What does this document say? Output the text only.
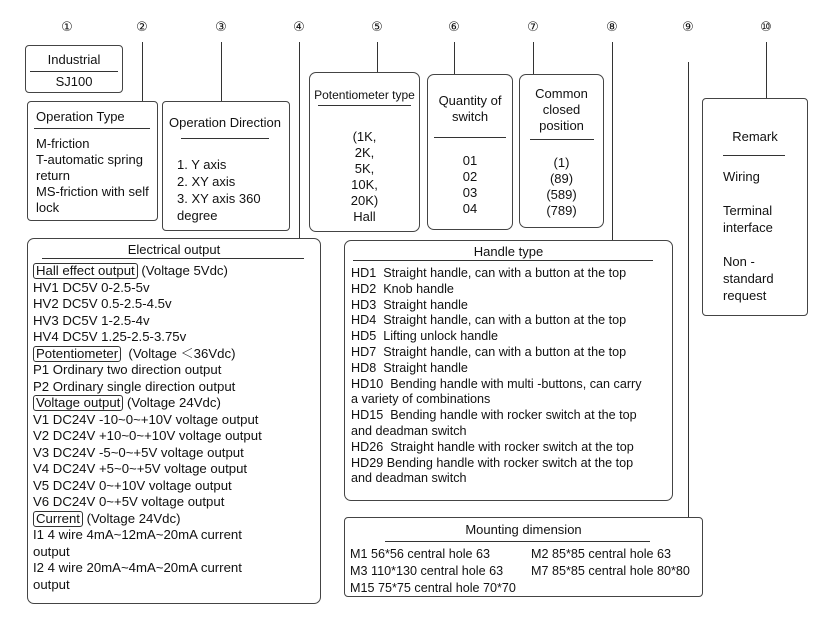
①	②	③	④	⑤	⑥	⑦	⑧	⑨	⑩
Industrial
SJ100
Operation Type
M-friction
T-automatic spring
return
MS-friction with self
lock
Operation Direction
1. Y axis
2. XY axis
3. XY axis 360
degree
Potentiometer type
(1K,
2K,
5K,
10K,
20K)
Hall
Quantity of
switch
01
02
03
04
Common
closed
position
(1)
(89)
(589)
(789)
Remark
Wiring
Terminal
interface
Non -
standard
request
Electrical output
Hall effect output (Voltage 5Vdc)
HV1 DC5V 0-2.5-5v
HV2 DC5V 0.5-2.5-4.5v
HV3 DC5V 1-2.5-4v
HV4 DC5V 1.25-2.5-3.75v
Potentiometer  (Voltage ＜36Vdc)
P1 Ordinary two direction output
P2 Ordinary single direction output
Voltage output (Voltage 24Vdc)
V1 DC24V -10~0~+10V voltage output
V2 DC24V +10~0~+10V voltage output
V3 DC24V -5~0~+5V voltage output
V4 DC24V +5~0~+5V voltage output
V5 DC24V 0~+10V voltage output
V6 DC24V 0~+5V voltage output
Current (Voltage 24Vdc)
I1 4 wire 4mA~12mA~20mA current
output
I2 4 wire 20mA~4mA~20mA current
output
Handle type
HD1  Straight handle, can with a button at the top
HD2  Knob handle
HD3  Straight handle
HD4  Straight handle, can with a button at the top
HD5  Lifting unlock handle
HD7  Straight handle, can with a button at the top
HD8  Straight handle
HD10  Bending handle with multi -buttons, can carry
a variety of combinations
HD15  Bending handle with rocker switch at the top
and deadman switch
HD26  Straight handle with rocker switch at the top
HD29 Bending handle with rocker switch at the top
and deadman switch
Mounting dimension
M1 56*56 central hole 63	M2 85*85 central hole 63
M3 110*130 central hole 63 M7 85*85 central hole 80*80
M15 75*75 central hole 70*70
